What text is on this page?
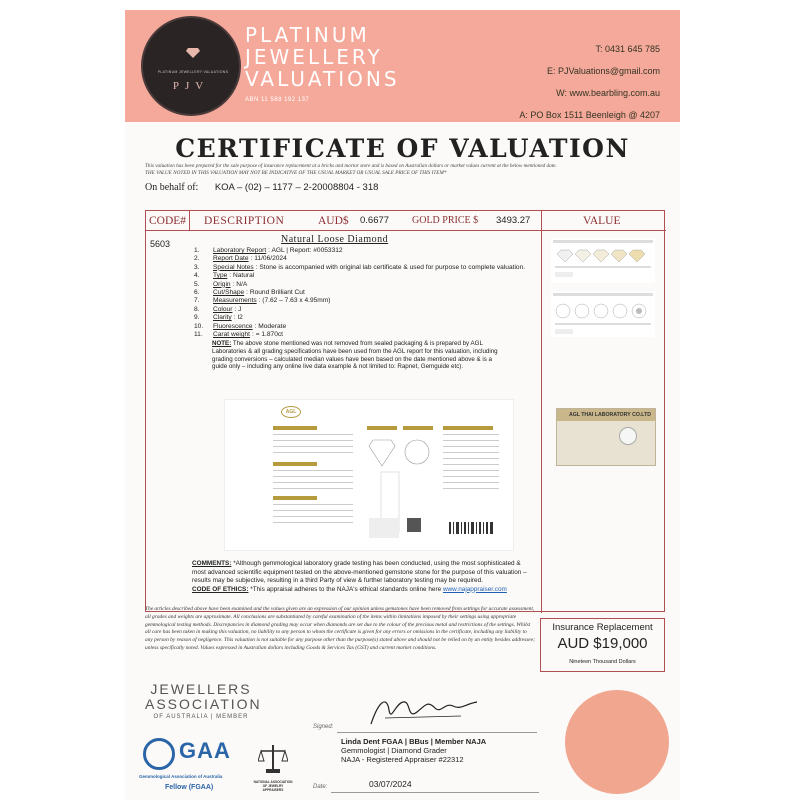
PLATINUM JEWELLERY VALUATIONS
PJV
PLATINUM
JEWELLERY
VALUATIONS
ABN 11 588 192 137
T: 0431 645 785
E: PJValuations@gmail.com
W: www.bearbling.com.au
A: PO Box 1511 Beenleigh @ 4207
CERTIFICATE OF VALUATION
This valuation has been prepared for the sale purpose of insurance replacement at a bricks and mortar store and is based on Australian dollars or market values current at the below mentioned date.
THE VALUE NOTED IN THIS VALUATION MAY NOT BE INDICATIVE OF THE USUAL MARKET OR USUAL SALE PRICE OF THIS ITEM*
On behalf of: KOA – (02) – 1177 – 2-20008804 - 318
CODE# DESCRIPTION	AUD$ 0.6677 GOLD PRICE $ 3493.27	VALUE
5603	Natural Loose Diamond
1.	Laboratory Report : AGL | Report: #0053312
2.	Report Date : 11/06/2024
3.	Special Notes : Stone is accompanied with original lab certificate & used for purpose to complete valuation.
4.	Type : Natural
5.	Origin : N/A
6.	Cut/Shape : Round Brilliant Cut
7.	Measurements : (7.62 – 7.63 x 4.95mm)
8.	Colour : J
9.	Clarity : I2
10.	Fluorescence : Moderate
11.	Carat weight : = 1.870ct
NOTE: The above stone mentioned was not removed from sealed packaging & is prepared by AGL Laboratories & all grading specifications have been used from the AGL report for this valuation, including grading conversions – calculated median values have been based on the date mentioned above & is a guide only – including any online live data example & not limited to: Rapnet, Gemguide etc).
AGL	AGL THAI LABORATORY CO.LTD
COMMENTS: *Although gemmological laboratory grade testing has been conducted, using the most sophisticated & most advanced scientific equipment tested on the above-mentioned gemstone stone for the purpose of this valuation – results may be subjective, resulting in a third Party of view & further laboratory testing may be required.
CODE OF ETHICS: *This appraisal adheres to the NAJA's ethical standards online here www.najappraiser.com
The articles described above have been examined and the values given are an expression of our opinion unless gemstones have been removed from settings for accurate assessment, all grades and weights are approximate. All conclusions are substantiated by careful examination of the items within limitations imposed by their settings using appropriate gemmological testing methods. Discrepancies in diamond grading may occur when diamonds are set due to the colour of the precious metal and restrictions of the settings. Whilst all care has been taken in making this valuation, no liability to any person to whom the certificate is given for any errors or omissions in the certificate, including any liability to any person by reason of negligence. This valuation is not suitable for any purpose other than the purpose(s) stated above and should not be relied on by an entity besides addressee; unless specifically noted. Values expressed in Australian dollars including Goods & Services Tax (GST) and current market conditions.
Insurance Replacement
AUD $19,000
Nineteen Thousand Dollars
JEWELLERS
ASSOCIATION
OF AUSTRALIA | MEMBER
GAA
Gemmological Association of Australia
Fellow (FGAA)
NATIONAL ASSOCIATION OF JEWELRY APPRAISERS
Signed:
Linda Dent FGAA | BBus | Member NAJA
Gemmologist | Diamond Grader
NAJA - Registered Appraiser #22312
Date:	03/07/2024
